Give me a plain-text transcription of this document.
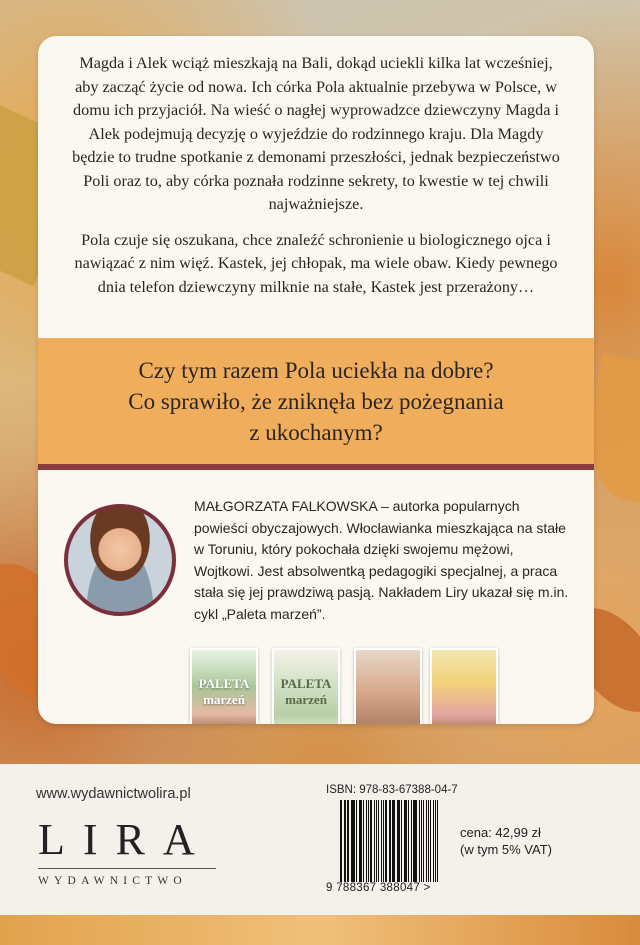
Magda i Alek wciąż mieszkają na Bali, dokąd uciekli kilka lat wcześniej, aby zacząć życie od nowa. Ich córka Pola aktualnie przebywa w Polsce, w domu ich przyjaciół. Na wieść o nagłej wyprowadzce dziewczyny Magda i Alek podejmują decyzję o wyjeździe do rodzinnego kraju. Dla Magdy będzie to trudne spotkanie z demonami przeszłości, jednak bezpieczeństwo Poli oraz to, aby córka poznała rodzinne sekrety, to kwestie w tej chwili najważniejsze.

Pola czuje się oszukana, chce znaleźć schronienie u biologicznego ojca i nawiązać z nim więź. Kastek, jej chłopak, ma wiele obaw. Kiedy pewnego dnia telefon dziewczyny milknie na stałe, Kastek jest przerażony…

Czy tym razem Pola uciekła na dobre?
Co sprawiło, że zniknęła bez pożegnania
z ukochanym?
MAŁGORZATA FALKOWSKA – autorka popularnych powieści obyczajowych. Włocławianka mieszkająca na stałe w Toruniu, który pokochała dzięki swojemu mężowi, Wojtkowi. Jest absolwentką pedagogiki specjalnej, a praca stała się jej prawdziwą pasją. Nakładem Liry ukazał się m.in. cykl „Paleta marzeń”.
PALETA marzeń
PALETA marzeń
www.wydawnictwolira.pl
LIRA
WYDAWNICTWO
ISBN: 978-83-67388-04-7
9 788367 388047 >
cena: 42,99 zł
(w tym 5% VAT)
